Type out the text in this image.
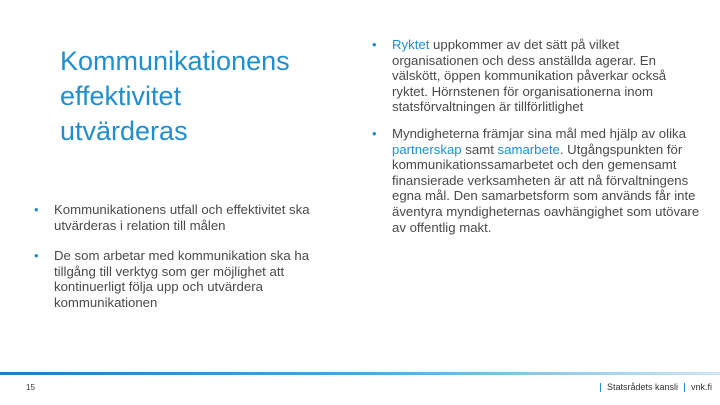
Kommunikationens
effektivitet
utvärderas
• Kommunikationens utfall och effektivitet ska utvärderas i relation till målen
• De som arbetar med kommunikation ska ha tillgång till verktyg som ger möjlighet att kontinuerligt följa upp och utvärdera kommunikationen
• Ryktet uppkommer av det sätt på vilket organisationen och dess anställda agerar. En välskött, öppen kommunikation påverkar också ryktet. Hörnstenen för organisationerna inom statsförvaltningen är tillförlitlighet
• Myndigheterna främjar sina mål med hjälp av olika partnerskap samt samarbete. Utgångspunkten för kommunikationssamarbetet och den gemensamt finansierade verksamheten är att nå förvaltningens egna mål. Den samarbetsform som används får inte äventyra myndigheternas oavhängighet som utövare av offentlig makt.
15	Statsrådets kansli vnk.fi
